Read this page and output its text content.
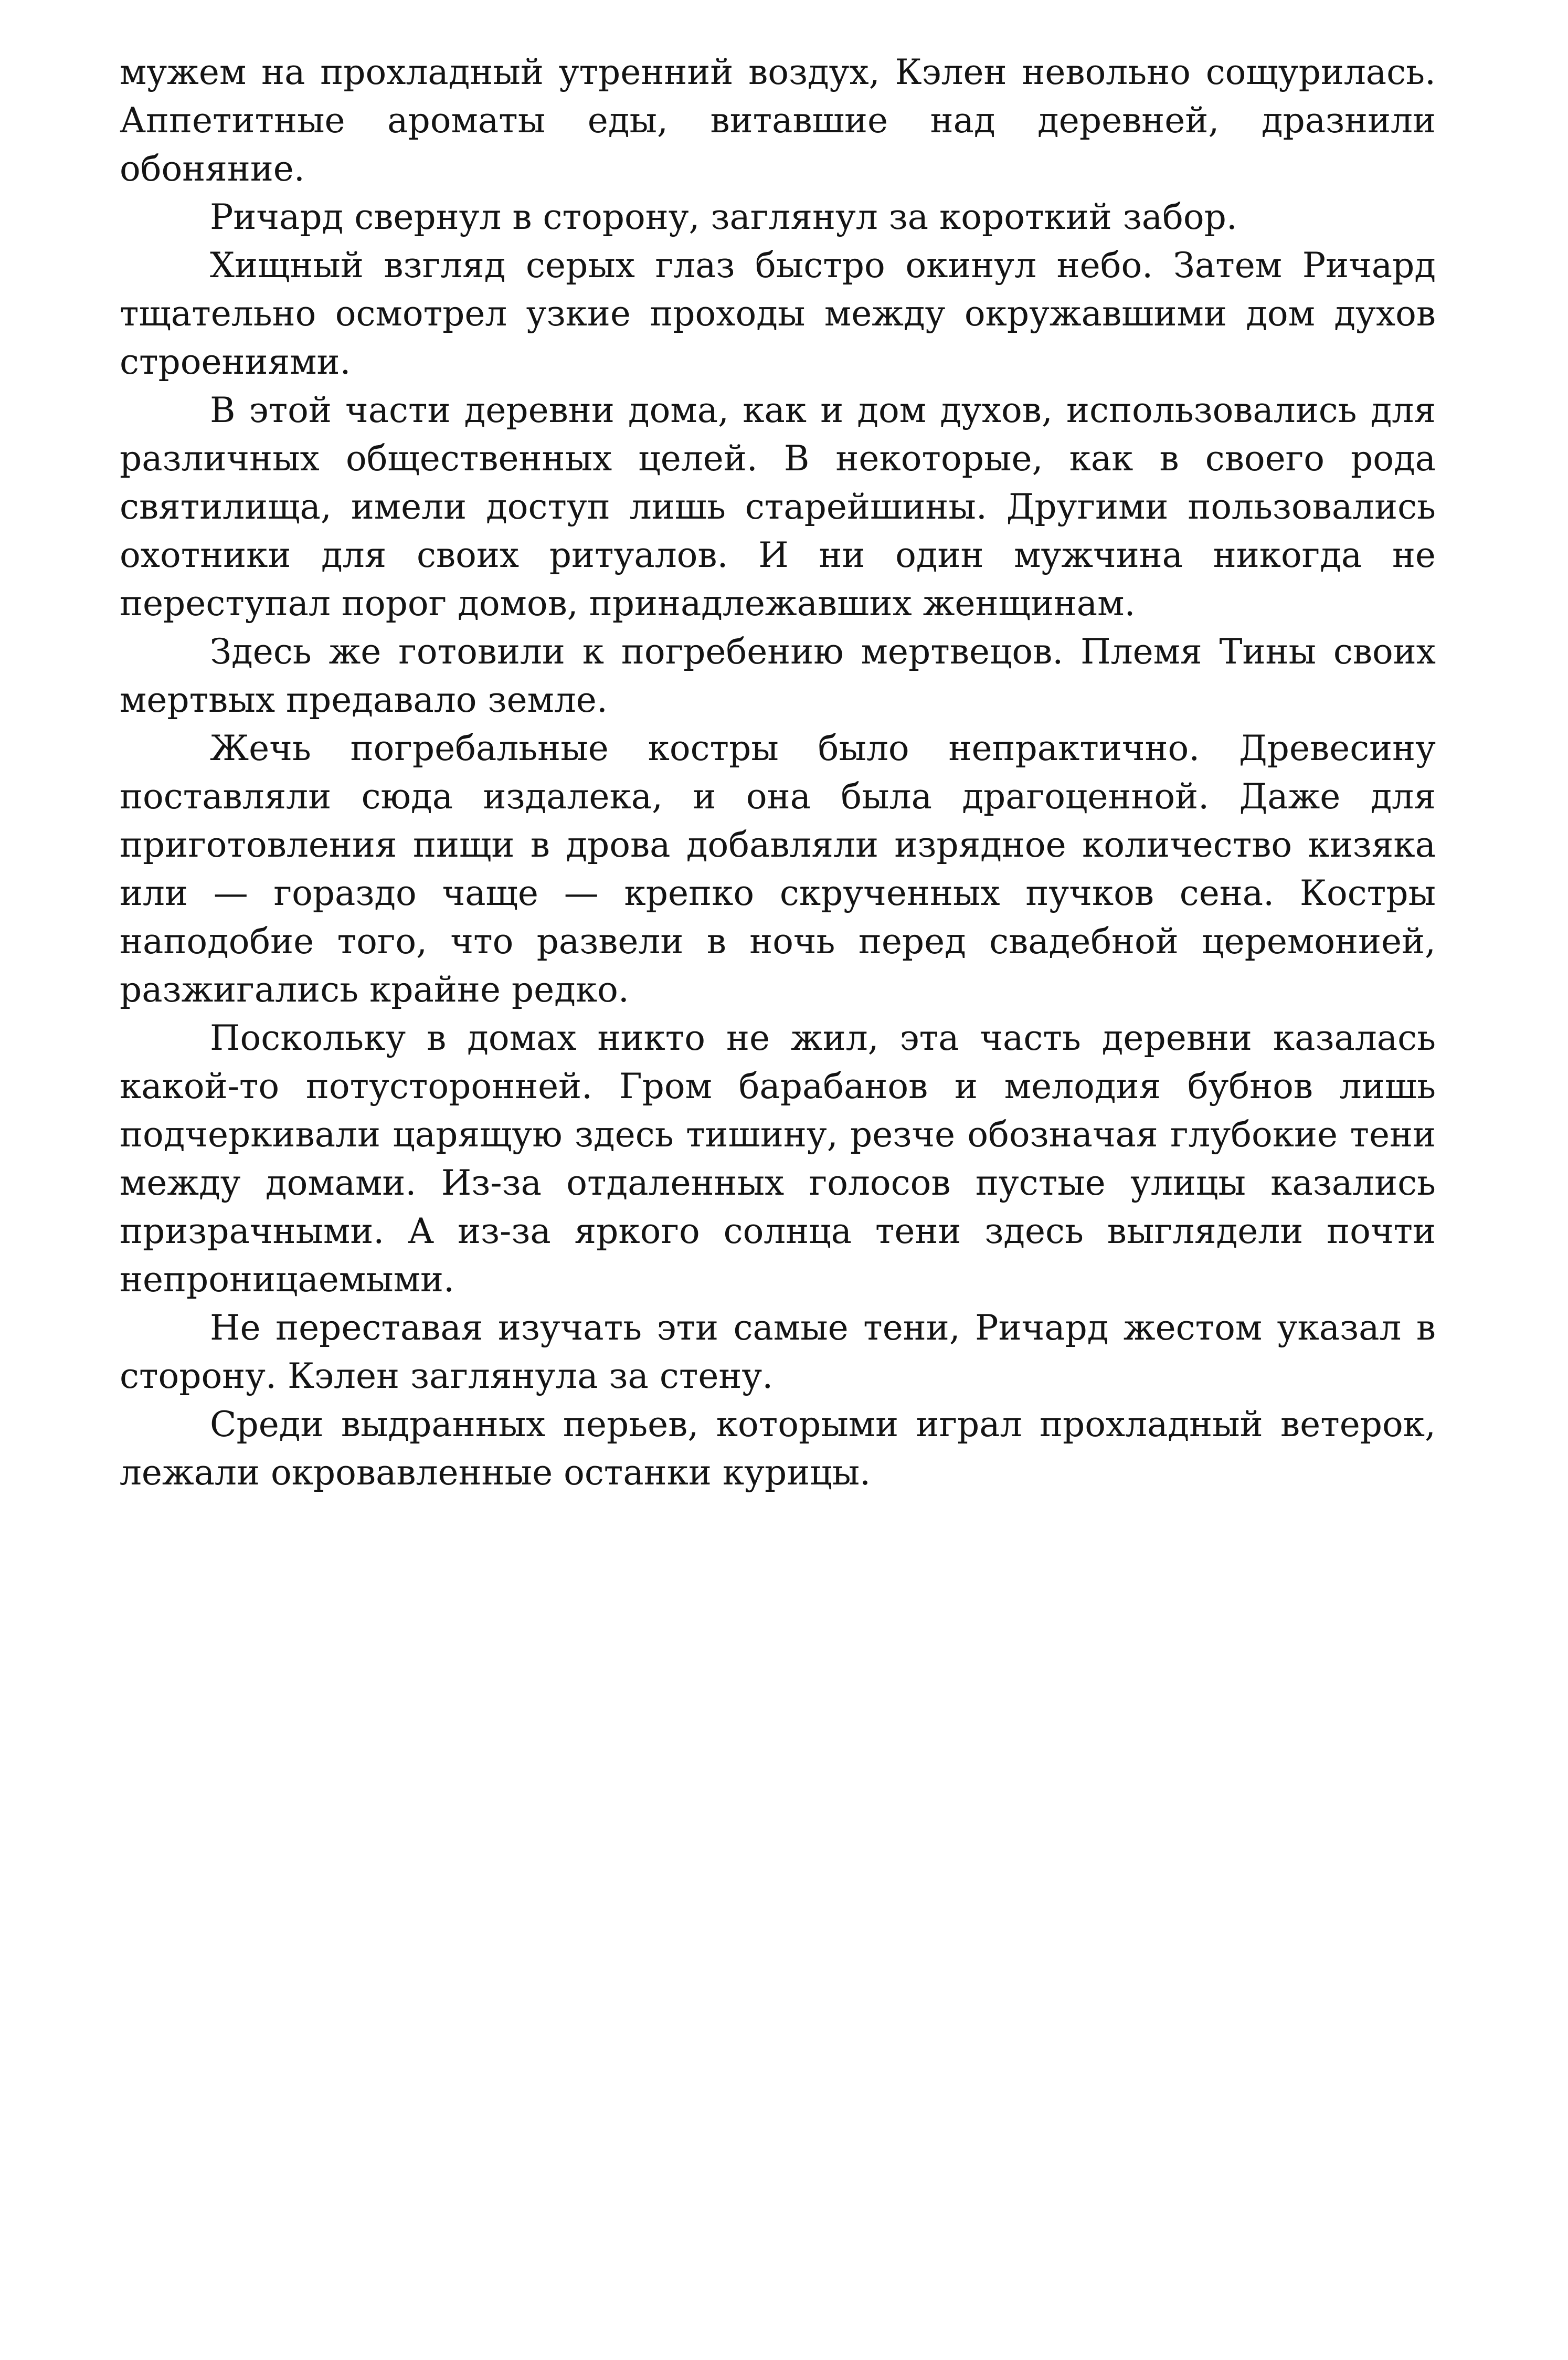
мужем на прохладный утренний воздух, Кэлен невольно сощурилась. Аппетитные ароматы еды, витавшие над деревней, дразнили обоняние.

Ричард свернул в сторону, заглянул за короткий забор.

Хищный взгляд серых глаз быстро окинул небо. Затем Ричард тщательно осмотрел узкие проходы между окружавшими дом духов строениями.

В этой части деревни дома, как и дом духов, использовались для различных общественных целей. В некоторые, как в своего рода святилища, имели доступ лишь старейшины. Другими пользовались охотники для своих ритуалов. И ни один мужчина никогда не переступал порог домов, принадлежавших женщинам.

Здесь же готовили к погребению мертвецов. Племя Тины своих мертвых предавало земле.

Жечь погребальные костры было непрактично. Древесину поставляли сюда издалека, и она была драгоценной. Даже для приготовления пищи в дрова добавляли изрядное количество кизяка или — гораздо чаще — крепко скрученных пучков сена. Костры наподобие того, что развели в ночь перед свадебной церемонией, разжигались крайне редко.

Поскольку в домах никто не жил, эта часть деревни казалась какой-то потусторонней. Гром барабанов и мелодия бубнов лишь подчеркивали царящую здесь тишину, резче обозначая глубокие тени между домами. Из-за отдаленных голосов пустые улицы казались призрачными. А из-за яркого солнца тени здесь выглядели почти непроницаемыми.

Не переставая изучать эти самые тени, Ричард жестом указал в сторону. Кэлен заглянула за стену.

Среди выдранных перьев, которыми играл прохладный ветерок, лежали окровавленные останки курицы.
